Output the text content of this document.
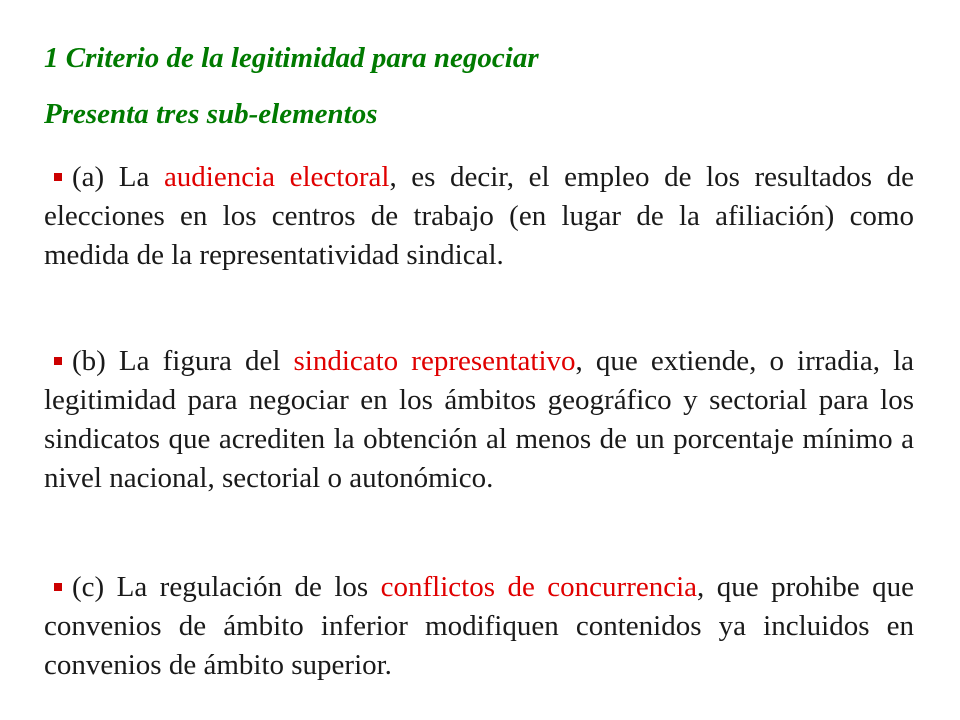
1 Criterio de la legitimidad para negociar
Presenta tres sub-elementos

(a) La audiencia electoral, es decir, el empleo de los resultados de elecciones en los centros de trabajo (en lugar de la afiliación) como medida de la representatividad sindical.

(b) La figura del sindicato representativo, que extiende, o irradia, la legitimidad para negociar en los ámbitos geográfico y sectorial para los sindicatos que acrediten la obtención al menos de un porcentaje mínimo a nivel nacional, sectorial o autonómico.

(c) La regulación de los conflictos de concurrencia, que prohibe que convenios de ámbito inferior modifiquen contenidos ya incluidos en convenios de ámbito superior.
